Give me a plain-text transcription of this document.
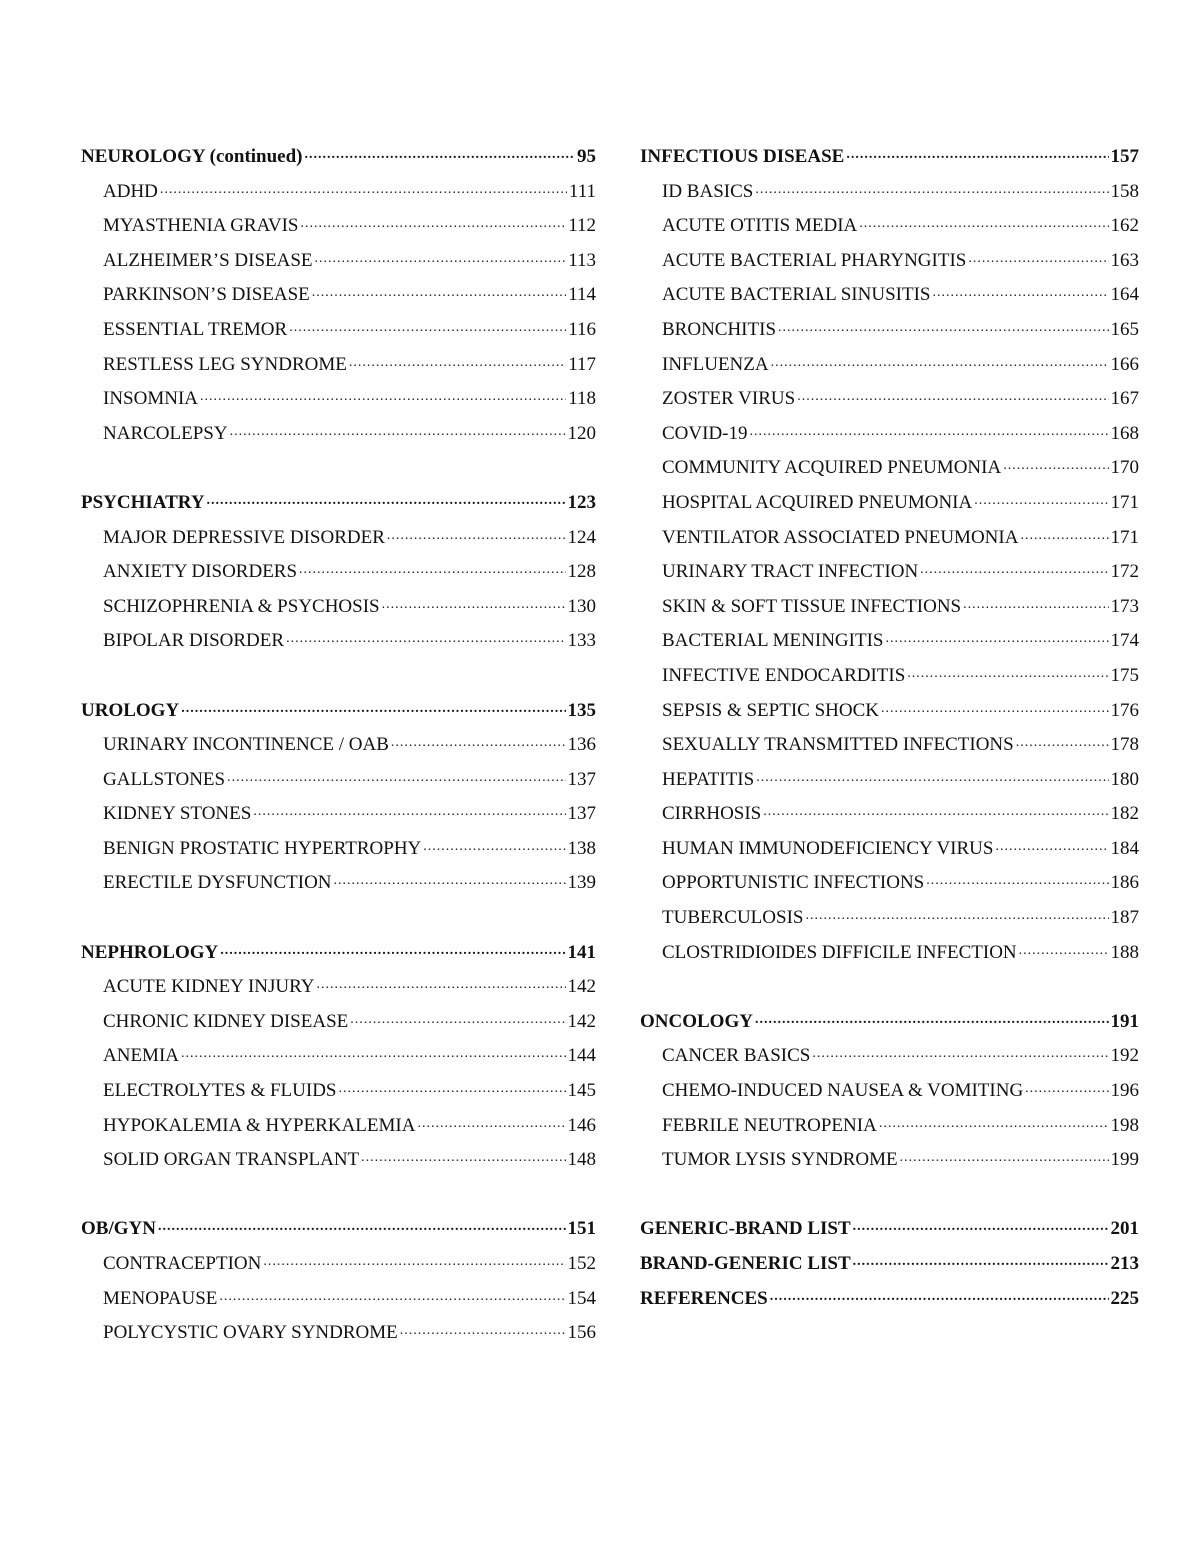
NEUROLOGY (continued) .....	95
ADHD .....	111
MYASTHENIA GRAVIS .....	112
ALZHEIMER’S DISEASE .....	113
PARKINSON’S DISEASE .....	114
ESSENTIAL TREMOR .....	116
RESTLESS LEG SYNDROME .....	117
INSOMNIA .....	118
NARCOLEPSY .....	120
PSYCHIATRY .....	123
MAJOR DEPRESSIVE DISORDER .....	124
ANXIETY DISORDERS .....	128
SCHIZOPHRENIA & PSYCHOSIS .....	130
BIPOLAR DISORDER .....	133
UROLOGY .....	135
URINARY INCONTINENCE / OAB .....	136
GALLSTONES .....	137
KIDNEY STONES .....	137
BENIGN PROSTATIC HYPERTROPHY .....	138
ERECTILE DYSFUNCTION .....	139
NEPHROLOGY .....	141
ACUTE KIDNEY INJURY .....	142
CHRONIC KIDNEY DISEASE .....	142
ANEMIA .....	144
ELECTROLYTES & FLUIDS .....	145
HYPOKALEMIA & HYPERKALEMIA .....	146
SOLID ORGAN TRANSPLANT .....	148
OB/GYN .....	151
CONTRACEPTION .....	152
MENOPAUSE .....	154
POLYCYSTIC OVARY SYNDROME .....	156
INFECTIOUS DISEASE .....	157
ID BASICS .....	158
ACUTE OTITIS MEDIA .....	162
ACUTE BACTERIAL PHARYNGITIS .....	163
ACUTE BACTERIAL SINUSITIS .....	164
BRONCHITIS .....	165
INFLUENZA .....	166
ZOSTER VIRUS .....	167
COVID-19 .....	168
COMMUNITY ACQUIRED PNEUMONIA .....	170
HOSPITAL ACQUIRED PNEUMONIA .....	171
VENTILATOR ASSOCIATED PNEUMONIA .....	171
URINARY TRACT INFECTION .....	172
SKIN & SOFT TISSUE INFECTIONS .....	173
BACTERIAL MENINGITIS .....	174
INFECTIVE ENDOCARDITIS .....	175
SEPSIS & SEPTIC SHOCK .....	176
SEXUALLY TRANSMITTED INFECTIONS .....	178
HEPATITIS .....	180
CIRRHOSIS .....	182
HUMAN IMMUNODEFICIENCY VIRUS .....	184
OPPORTUNISTIC INFECTIONS .....	186
TUBERCULOSIS .....	187
CLOSTRIDIOIDES DIFFICILE INFECTION .....	188
ONCOLOGY .....	191
CANCER BASICS .....	192
CHEMO-INDUCED NAUSEA & VOMITING .....	196
FEBRILE NEUTROPENIA .....	198
TUMOR LYSIS SYNDROME .....	199
GENERIC-BRAND LIST .....	201
BRAND-GENERIC LIST .....	213
REFERENCES .....	225
